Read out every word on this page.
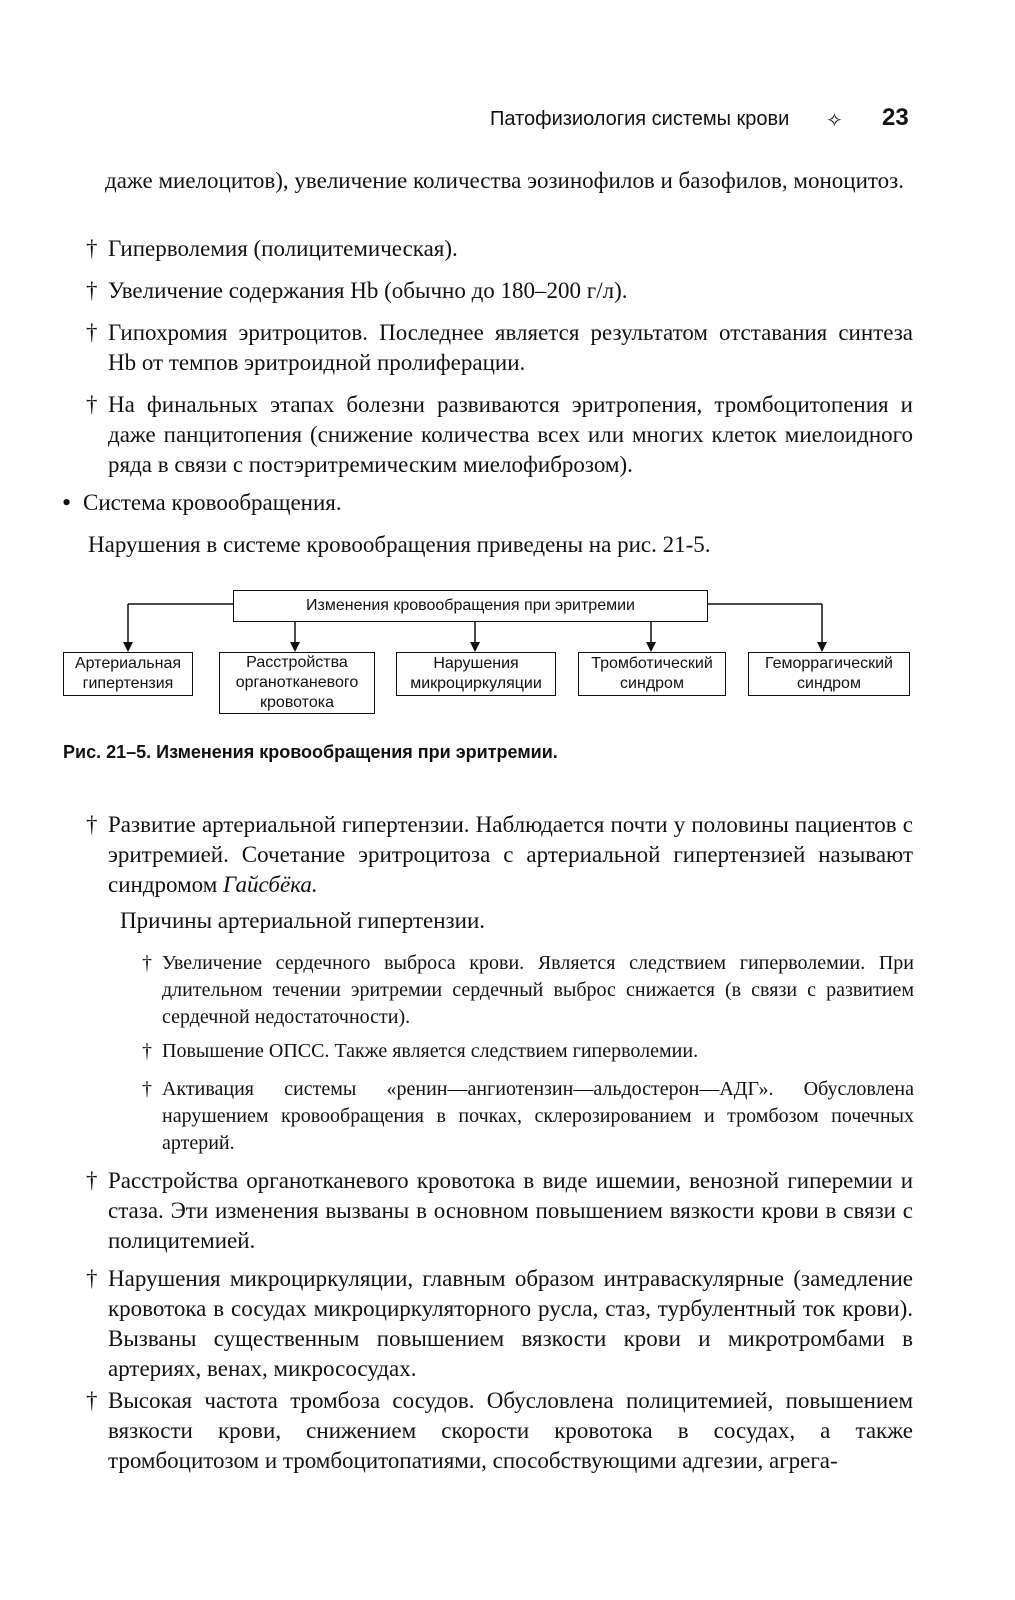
Патофизиология системы крови ✧ 23

даже миелоцитов), увеличение количества эозинофилов и базофилов, моноцитоз.

† Гиперволемия (полицитемическая).

† Увеличение содержания Hb (обычно до 180–200 г/л).

† Гипохромия эритроцитов. Последнее является результатом отставания синтеза Hb от темпов эритроидной пролиферации.

† На финальных этапах болезни развиваются эритропения, тромбоцитопения и даже панцитопения (снижение количества всех или многих клеток миелоидного ряда в связи с постэритремическим миелофиброзом).

• Система кровообращения.

Нарушения в системе кровообращения приведены на рис. 21-5.

Изменения кровообращения при эритремии
Артериальная гипертензия
Расстройства органотканевого кровотока
Нарушения микроциркуляции
Тромботический синдром
Геморрагический синдром
Рис. 21–5. Изменения кровообращения при эритремии.
† Развитие артериальной гипертензии. Наблюдается почти у половины пациентов с эритремией. Сочетание эритроцитоза с артериальной гипертензией называют синдромом Гайсбёка.

Причины артериальной гипертензии.

† Увеличение сердечного выброса крови. Является следствием гиперволемии. При длительном течении эритремии сердечный выброс снижается (в связи с развитием сердечной недостаточности).

† Повышение ОПСС. Также является следствием гиперволемии.

† Активация системы «ренин—ангиотензин—альдостерон—АДГ». Обусловлена нарушением кровообращения в почках, склерозированием и тромбозом почечных артерий.

† Расстройства органотканевого кровотока в виде ишемии, венозной гиперемии и стаза. Эти изменения вызваны в основном повышением вязкости крови в связи с полицитемией.

† Нарушения микроциркуляции, главным образом интраваскулярные (замедление кровотока в сосудах микроциркуляторного русла, стаз, турбулентный ток крови). Вызваны существенным повышением вязкости крови и микротромбами в артериях, венах, микрососудах.

† Высокая частота тромбоза сосудов. Обусловлена полицитемией, повышением вязкости крови, снижением скорости кровотока в сосудах, а также тромбоцитозом и тромбоцитопатиями, способствующими адгезии, агрега-
